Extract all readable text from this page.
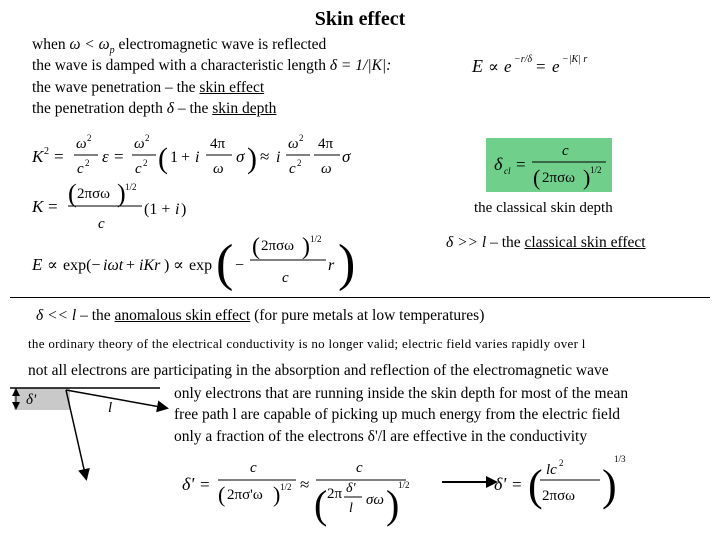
Skin effect
when $\omega < \omega_p$ electromagnetic wave is reflected
the wave is damped with a characteristic length δ = 1/|K|:
the wave penetration – the skin effect
the penetration depth δ – the skin depth
E ∝ e −r/δ = e −|K| r
K 2 =
ω 2
c 2 ε =
ω 2
c 2 ( 1 + i
4π
ω
σ ) ≈ i
ω 2
c 2
4π
ω
σ
K = ( 2πσω ) 1/2
c
(1 + i )
E ∝ exp(− iωt + iKr ) ∝ exp ( −
( 2πσω ) 1/2
c
r )
δ cl =
c
( 2πσω ) 1/2
the classical skin depth
δ >> l – the classical skin effect
δ << l – the anomalous skin effect (for pure metals at low temperatures)
the ordinary theory of the electrical conductivity is no longer valid; electric field varies rapidly over l
not all electrons are participating in the absorption and reflection of the electromagnetic wave
only electrons that are running inside the skin depth for most of the mean
free path l are capable of picking up much energy from the electric field
only a fraction of the electrons δ'/l are effective in the conductivity
δ'	l
δ' =
c
( 2πσ'ω ) 1/2 ≈
c
( 2π δ'
l
σω )
1/2	δ' = ( lc 2
2πσω )
1/3
